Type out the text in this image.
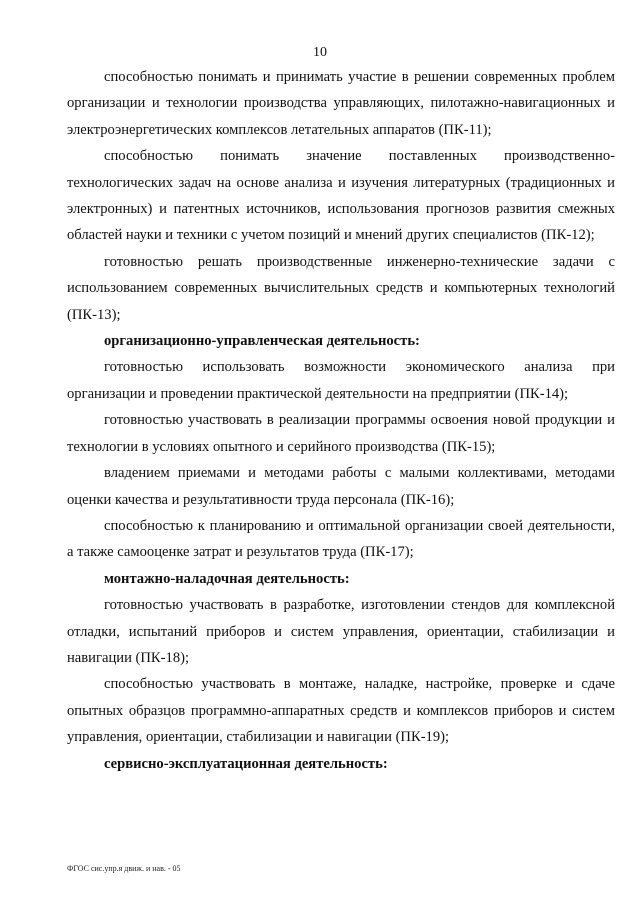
10

способностью понимать и принимать участие в решении современных проблем организации и технологии производства управляющих, пилотажно-навигационных и электроэнергетических комплексов летательных аппаратов (ПК-11);

способностью понимать значение поставленных производственно-технологических задач на основе анализа и изучения литературных (традиционных и электронных) и патентных источников, использования прогнозов развития смежных областей науки и техники с учетом позиций и мнений других специалистов (ПК-12);

готовностью решать производственные инженерно-технические задачи с использованием современных вычислительных средств и компьютерных технологий (ПК-13);

организационно-управленческая деятельность:

готовностью использовать возможности экономического анализа при организации и проведении практической деятельности на предприятии (ПК-14);

готовностью участвовать в реализации программы освоения новой продукции и технологии в условиях опытного и серийного производства (ПК-15);

владением приемами и методами работы с малыми коллективами, методами оценки качества и результативности труда персонала (ПК-16);

способностью к планированию и оптимальной организации своей деятельности, а также самооценке затрат и результатов труда (ПК-17);

монтажно-наладочная деятельность:

готовностью участвовать в разработке, изготовлении стендов для комплексной отладки, испытаний приборов и систем управления, ориентации, стабилизации и навигации (ПК-18);

способностью участвовать в монтаже, наладке, настройке, проверке и сдаче опытных образцов программно-аппаратных средств и комплексов приборов и систем управления, ориентации, стабилизации и навигации (ПК-19);

сервисно-эксплуатационная деятельность:

ФГОС сис.упр.я движ. и нав. - 05
